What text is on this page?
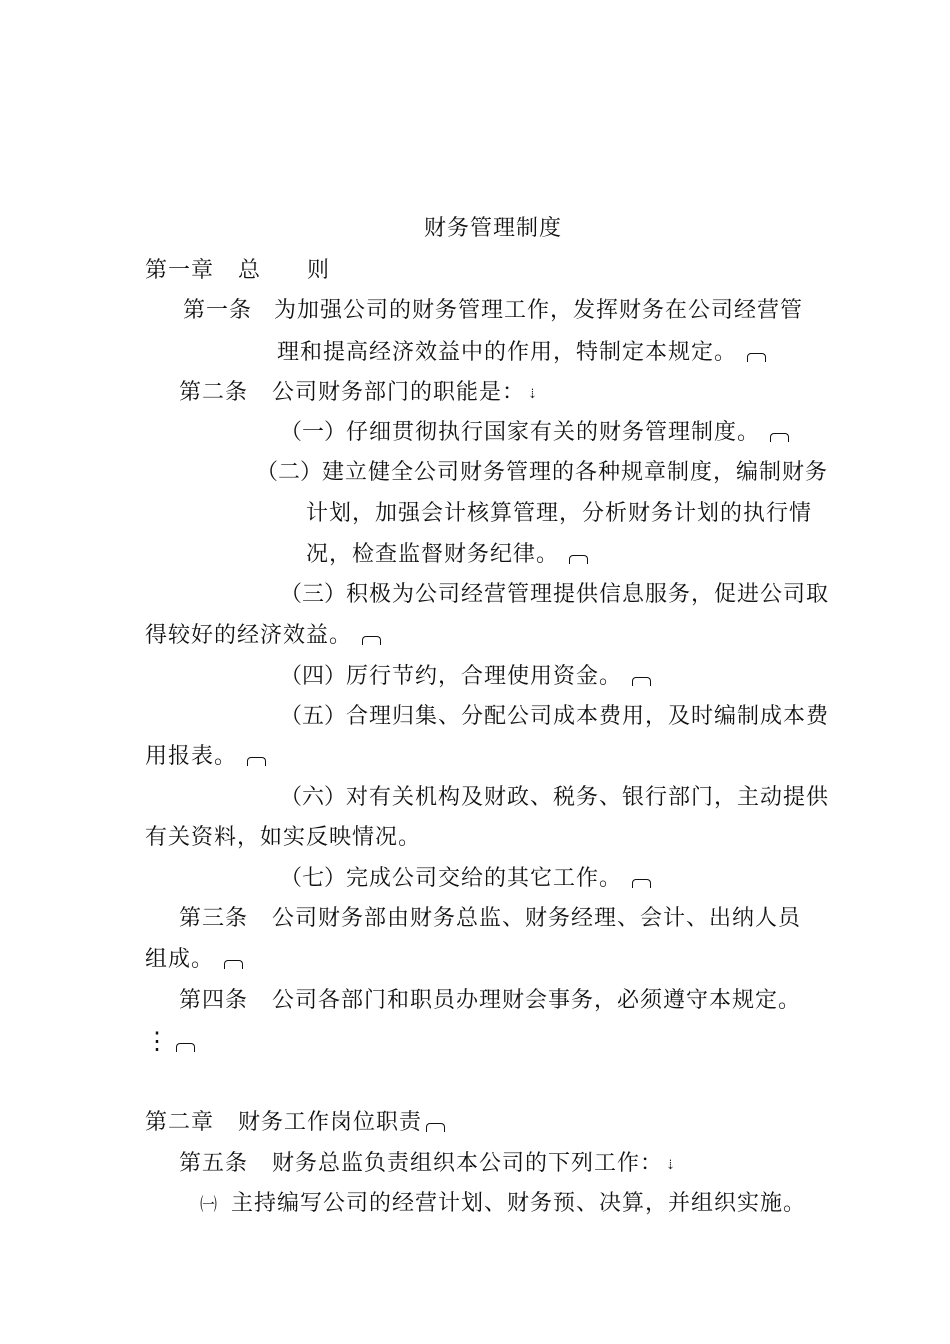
财务管理制度
第一章 总 则
第一条 为加强公司的财务管理工作，发挥财务在公司经营管
理和提高经济效益中的作用，特制定本规定。
第二条 公司财务部门的职能是： ⇣
（一）仔细贯彻执行国家有关的财务管理制度。
（二）建立健全公司财务管理的各种规章制度，编制财务
计划，加强会计核算管理，分析财务计划的执行情
况，检查监督财务纪律。
（三）积极为公司经营管理提供信息服务，促进公司取
得较好的经济效益。
（四）厉行节约，合理使用资金。
（五）合理归集、分配公司成本费用，及时编制成本费
用报表。
（六）对有关机构及财政、税务、银行部门，主动提供
有关资料，如实反映情况。
（七）完成公司交给的其它工作。
第三条 公司财务部由财务总监、财务经理、会计、出纳人员
组成。
第四条 公司各部门和职员办理财会事务，必须遵守本规定。
⋮
第二章 财务工作岗位职责
第五条 财务总监负责组织本公司的下列工作： ⇣
㈠ 主持编写公司的经营计划、财务预、决算，并组织实施。
